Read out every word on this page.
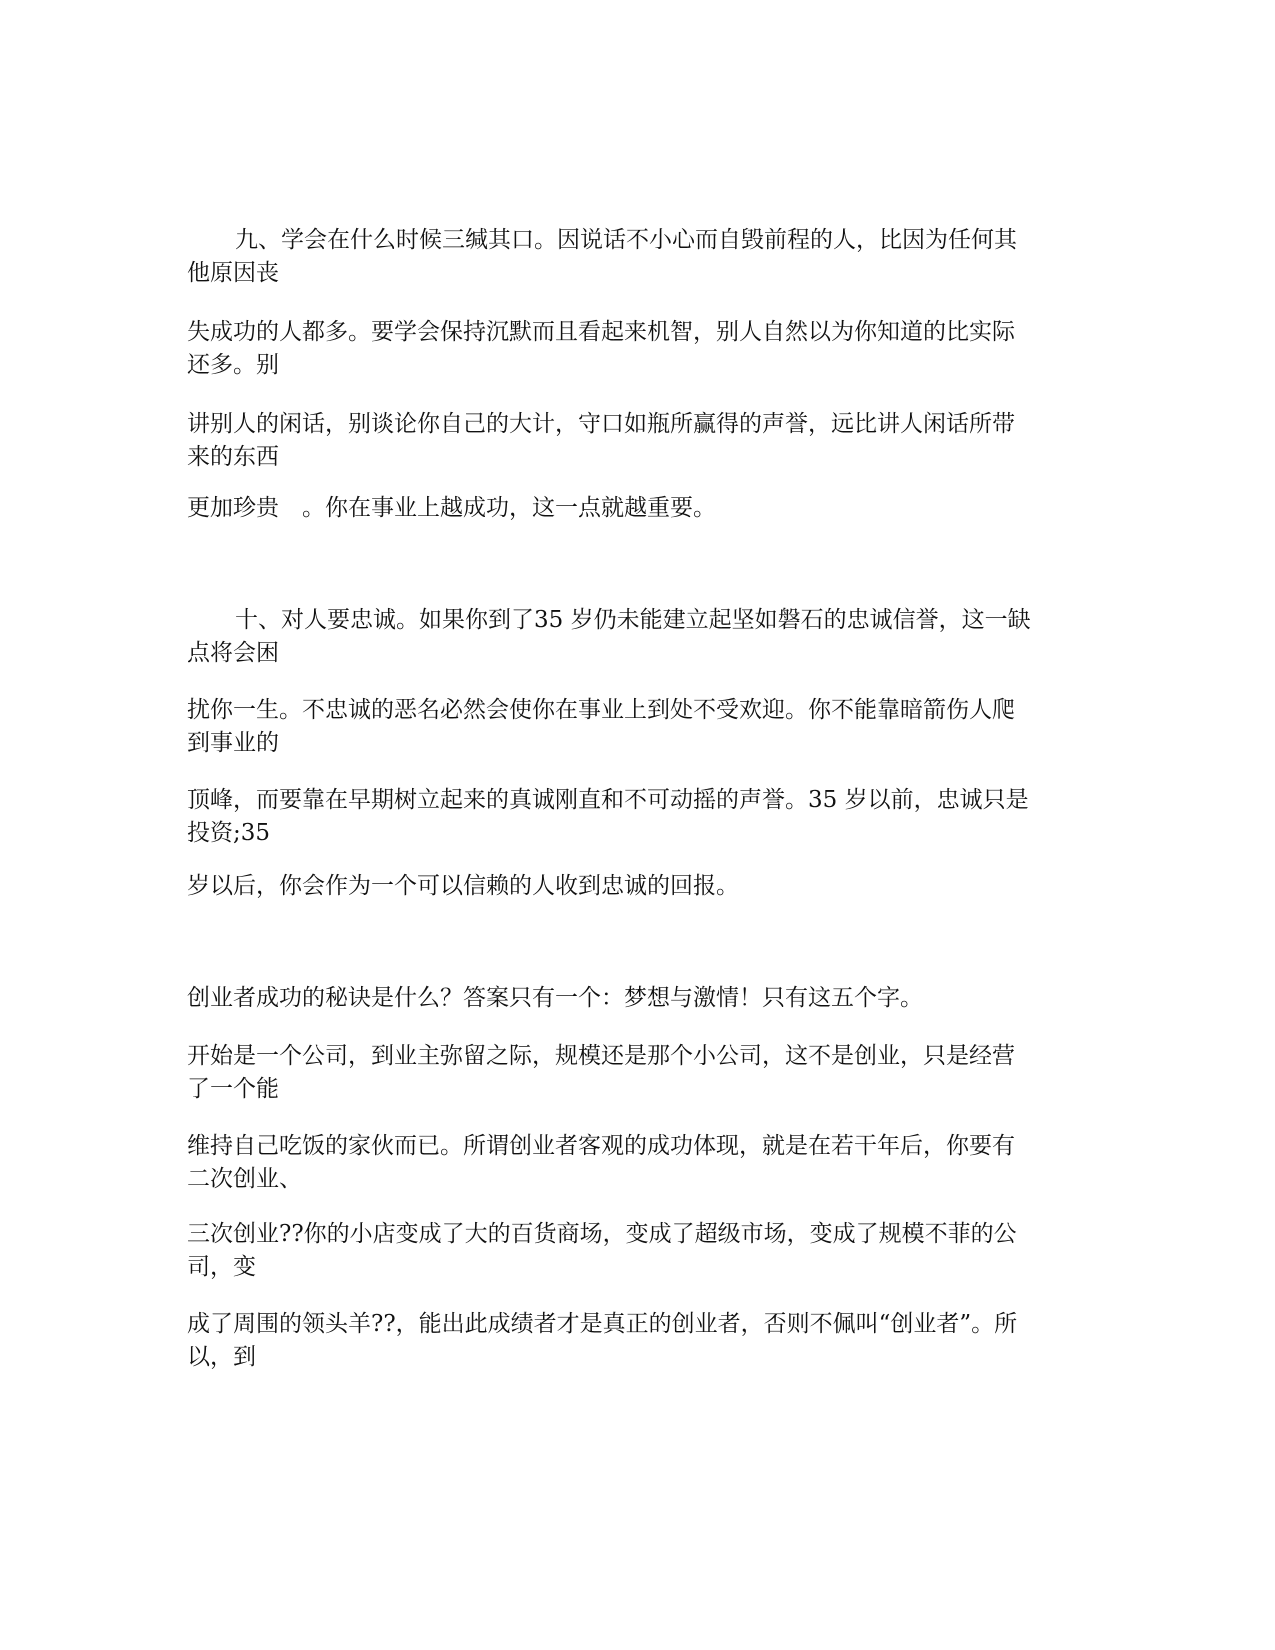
九、学会在什么时候三缄其口。因说话不小心而自毁前程的人，比因为任何其
他原因丧
失成功的人都多。要学会保持沉默而且看起来机智，别人自然以为你知道的比实际
还多。别
讲别人的闲话，别谈论你自己的大计，守口如瓶所赢得的声誉，远比讲人闲话所带
来的东西
更加珍贵　。你在事业上越成功，这一点就越重要。
十、对人要忠诚。如果你到了35 岁仍未能建立起坚如磐石的忠诚信誉，这一缺
点将会困
扰你一生。不忠诚的恶名必然会使你在事业上到处不受欢迎。你不能靠暗箭伤人爬
到事业的
顶峰，而要靠在早期树立起来的真诚刚直和不可动摇的声誉。35 岁以前，忠诚只是
投资;35
岁以后，你会作为一个可以信赖的人收到忠诚的回报。
创业者成功的秘诀是什么？答案只有一个：梦想与激情！只有这五个字。
开始是一个公司，到业主弥留之际，规模还是那个小公司，这不是创业，只是经营
了一个能
维持自己吃饭的家伙而已。所谓创业者客观的成功体现，就是在若干年后，你要有
二次创业、
三次创业??你的小店变成了大的百货商场，变成了超级市场，变成了规模不菲的公
司，变
成了周围的领头羊??，能出此成绩者才是真正的创业者，否则不佩叫“创业者”。所
以，到
